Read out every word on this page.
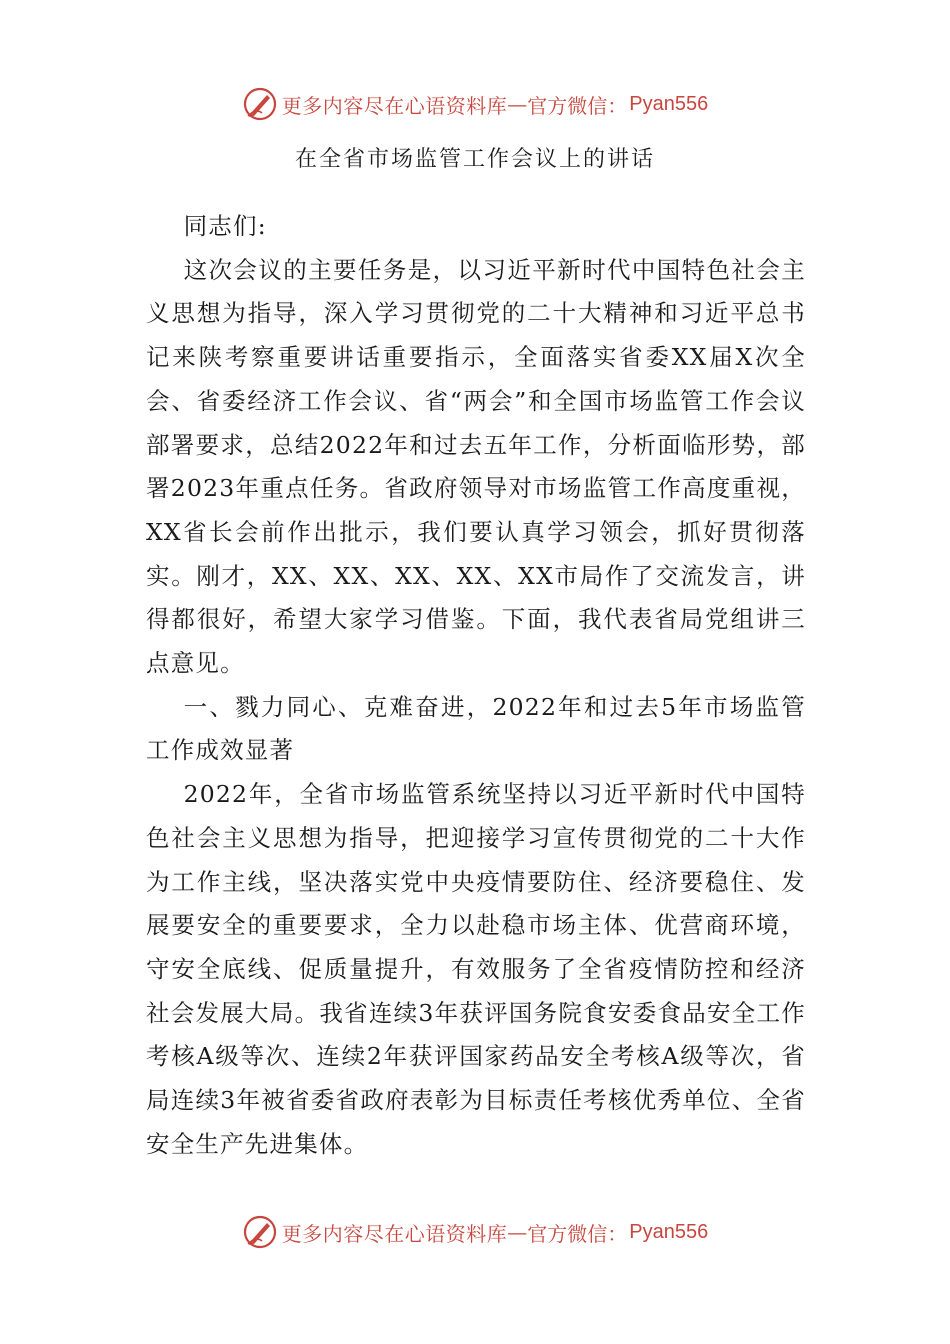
更多内容尽在心语资料库 — 官方微信： Pyan556
在全省市场监管工作会议上的讲话

同志们:

这次会议的主要任务是，以习近平新时代中国特色社会主义思想为指导，深入学习贯彻党的二十大精神和习近平总书记来陕考察重要讲话重要指示，全面落实省委XX届X次全会、省委经济工作会议、省“两会”和全国市场监管工作会议部署要求，总结2022年和过去五年工作，分析面临形势，部署2023年重点任务。省政府领导对市场监管工作高度重视，XX省长会前作出批示，我们要认真学习领会，抓好贯彻落实。刚才，XX、XX、XX、XX、XX市局作了交流发言，讲得都很好，希望大家学习借鉴。下面，我代表省局党组讲三点意见。

一、戮力同心、克难奋进，2022年和过去5年市场监管工作成效显著

2022年，全省市场监管系统坚持以习近平新时代中国特色社会主义思想为指导，把迎接学习宣传贯彻党的二十大作为工作主线，坚决落实党中央疫情要防住、经济要稳住、发展要安全的重要要求，全力以赴稳市场主体、优营商环境，守安全底线、促质量提升，有效服务了全省疫情防控和经济社会发展大局。我省连续3年获评国务院食安委食品安全工作考核A级等次、连续2年获评国家药品安全考核A级等次，省局连续3年被省委省政府表彰为目标责任考核优秀单位、全省安全生产先进集体。

更多内容尽在心语资料库 — 官方微信： Pyan556
